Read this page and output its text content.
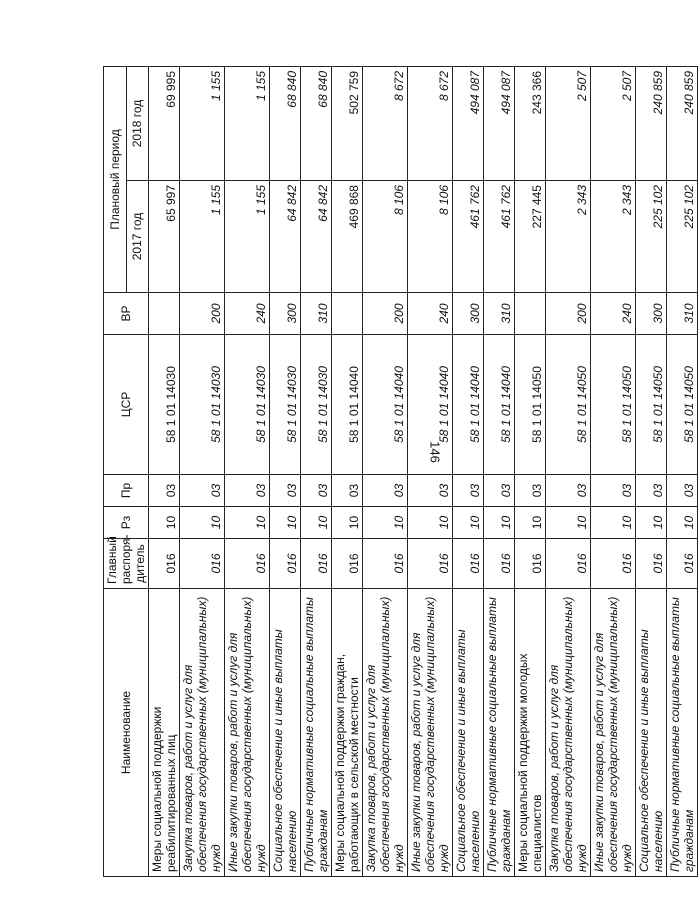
146
Наименование	Главный распоря-дитель	Рз	Пр	ЦСР	ВР	Плановый период	
						2017 год	2018 год
Меры социальной поддержки реабилитированных лиц	016	10	03	58 1 01 14030		65 997	69 995
Закупка товаров, работ и услуг для обеспечения государственных (муниципальных) нужд	016	10	03	58 1 01 14030	200	1 155	1 155
Иные закупки товаров, работ и услуг для обеспечения государственных (муниципальных) нужд	016	10	03	58 1 01 14030	240	1 155	1 155
Социальное обеспечение и иные выплаты населению	016	10	03	58 1 01 14030	300	64 842	68 840
Публичные нормативные социальные выплаты гражданам	016	10	03	58 1 01 14030	310	64 842	68 840
Меры социальной поддержки граждан, работающих в сельской местности	016	10	03	58 1 01 14040		469 868	502 759
Закупка товаров, работ и услуг для обеспечения государственных (муниципальных) нужд	016	10	03	58 1 01 14040	200	8 106	8 672
Иные закупки товаров, работ и услуг для обеспечения государственных (муниципальных) нужд	016	10	03	58 1 01 14040	240	8 106	8 672
Социальное обеспечение и иные выплаты населению	016	10	03	58 1 01 14040	300	461 762	494 087
Публичные нормативные социальные выплаты гражданам	016	10	03	58 1 01 14040	310	461 762	494 087
Меры социальной поддержки молодых специалистов	016	10	03	58 1 01 14050		227 445	243 366
Закупка товаров, работ и услуг для обеспечения государственных (муниципальных) нужд	016	10	03	58 1 01 14050	200	2 343	2 507
Иные закупки товаров, работ и услуг для обеспечения государственных (муниципальных) нужд	016	10	03	58 1 01 14050	240	2 343	2 507
Социальное обеспечение и иные выплаты населению	016	10	03	58 1 01 14050	300	225 102	240 859
Публичные нормативные социальные выплаты гражданам	016	10	03	58 1 01 14050	310	225 102	240 859
